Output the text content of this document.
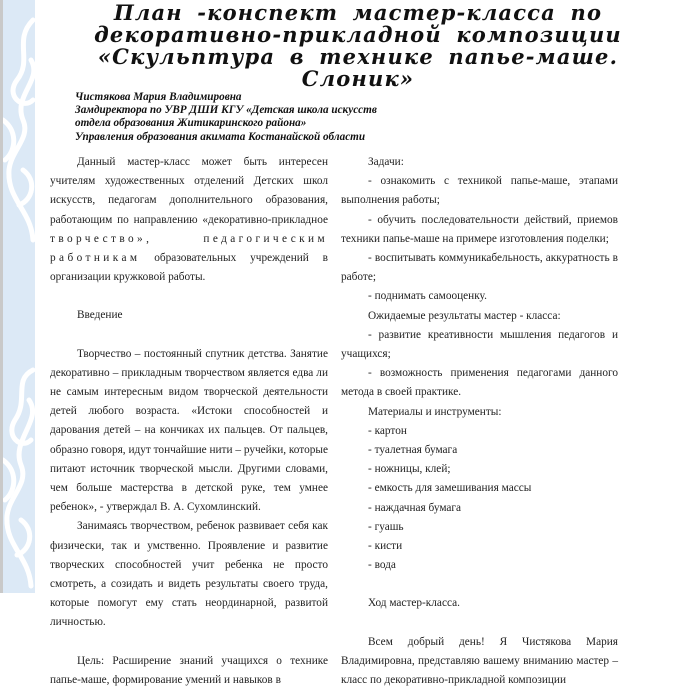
План -конспект мастер-класса по декоративно-прикладной композиции «Скульптура в технике папье-маше. Слоник»
Чистякова Мария Владимировна
Замдиректора по УВР ДШИ КГУ «Детская школа искусств
отдела образования Житикаринского района»
Управления образования акимата Костанайской области

Данный мастер-класс может быть интересен учителям художественных отделений Детских школ искусств, педагогам дополнительного образования, работающим по направлению «декоративно-прикладное творчество», педагогическим работникам образовательных учреждений в организации кружковой работы.

Введение

Творчество – постоянный спутник детства. Занятие декоративно – прикладным творчеством является едва ли не самым интересным видом творческой деятельности детей любого возраста. «Истоки способностей и дарования детей – на кончиках их пальцев. От пальцев, образно говоря, идут тончайшие нити – ручейки, которые питают источник творческой мысли. Другими словами, чем больше мастерства в детской руке, тем умнее ребенок», - утверждал В. А. Сухомлинский.

Занимаясь творчеством, ребенок развивает себя как физически, так и умственно. Проявление и развитие творческих способностей учит ребенка не просто смотреть, а созидать и видеть результаты своего труда, которые помогут ему стать неординарной, развитой личностью.

Цель: Расширение знаний учащихся о технике папье-маше, формирование умений и навыков в

Задачи:

- ознакомить с техникой папье-маше, этапами выполнения работы;

- обучить последовательности действий, приемов техники папье-маше на примере изготовления поделки;

- воспитывать коммуникабельность, аккуратность в работе;

- поднимать самооценку.

Ожидаемые результаты мастер - класса:

- развитие креативности мышления педагогов и учащихся;

- возможность применения педагогами данного метода в своей практике.

Материалы и инструменты:

- картон

- туалетная бумага

- ножницы, клей;

- емкость для замешивания массы

- наждачная бумага

- гуашь

- кисти

- вода

Ход мастер-класса.

Всем добрый день! Я Чистякова Мария Владимировна, представляю вашему вниманию мастер – класс по декоративно-прикладной композиции
